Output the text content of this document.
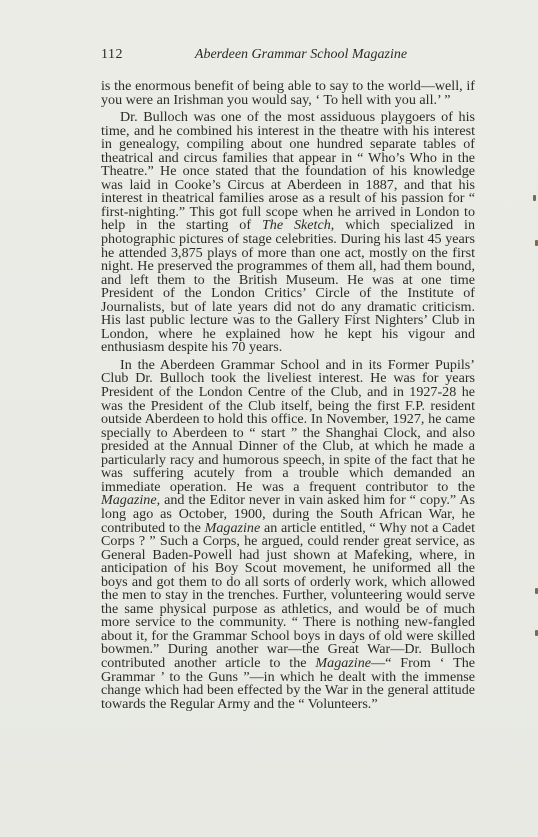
112	Aberdeen Grammar School Magazine

is the enormous benefit of being able to say to the world—well, if you were an Irishman you would say, ‘ To hell with you all.’ ”

Dr. Bulloch was one of the most assiduous playgoers of his time, and he combined his interest in the theatre with his interest in genealogy, compiling about one hundred separate tables of theatrical and circus families that appear in “ Who’s Who in the Theatre.” He once stated that the foundation of his knowledge was laid in Cooke’s Circus at Aberdeen in 1887, and that his interest in theatrical families arose as a result of his passion for “ first-nighting.” This got full scope when he arrived in London to help in the starting of The Sketch, which specialized in photographic pictures of stage celebrities. During his last 45 years he attended 3,875 plays of more than one act, mostly on the first night. He preserved the programmes of them all, had them bound, and left them to the British Museum. He was at one time President of the London Critics’ Circle of the Institute of Journalists, but of late years did not do any dramatic criticism. His last public lecture was to the Gallery First Nighters’ Club in London, where he explained how he kept his vigour and enthusiasm despite his 70 years.

In the Aberdeen Grammar School and in its Former Pupils’ Club Dr. Bulloch took the liveliest interest. He was for years President of the London Centre of the Club, and in 1927-28 he was the President of the Club itself, being the first F.P. resident outside Aberdeen to hold this office. In November, 1927, he came specially to Aberdeen to “ start ” the Shanghai Clock, and also presided at the Annual Dinner of the Club, at which he made a particularly racy and humorous speech, in spite of the fact that he was suffering acutely from a trouble which demanded an immediate operation. He was a frequent contributor to the Magazine, and the Editor never in vain asked him for “ copy.” As long ago as October, 1900, during the South African War, he contributed to the Magazine an article entitled, “ Why not a Cadet Corps ? ” Such a Corps, he argued, could render great service, as General Baden-Powell had just shown at Mafeking, where, in anticipation of his Boy Scout movement, he uniformed all the boys and got them to do all sorts of orderly work, which allowed the men to stay in the trenches. Further, volunteering would serve the same physical purpose as athletics, and would be of much more service to the community. “ There is nothing new-fangled about it, for the Grammar School boys in days of old were skilled bowmen.” During another war—the Great War—Dr. Bulloch contributed another article to the Magazine—“ From ‘ The Grammar ’ to the Guns ”—in which he dealt with the immense change which had been effected by the War in the general attitude towards the Regular Army and the “ Volunteers.”
